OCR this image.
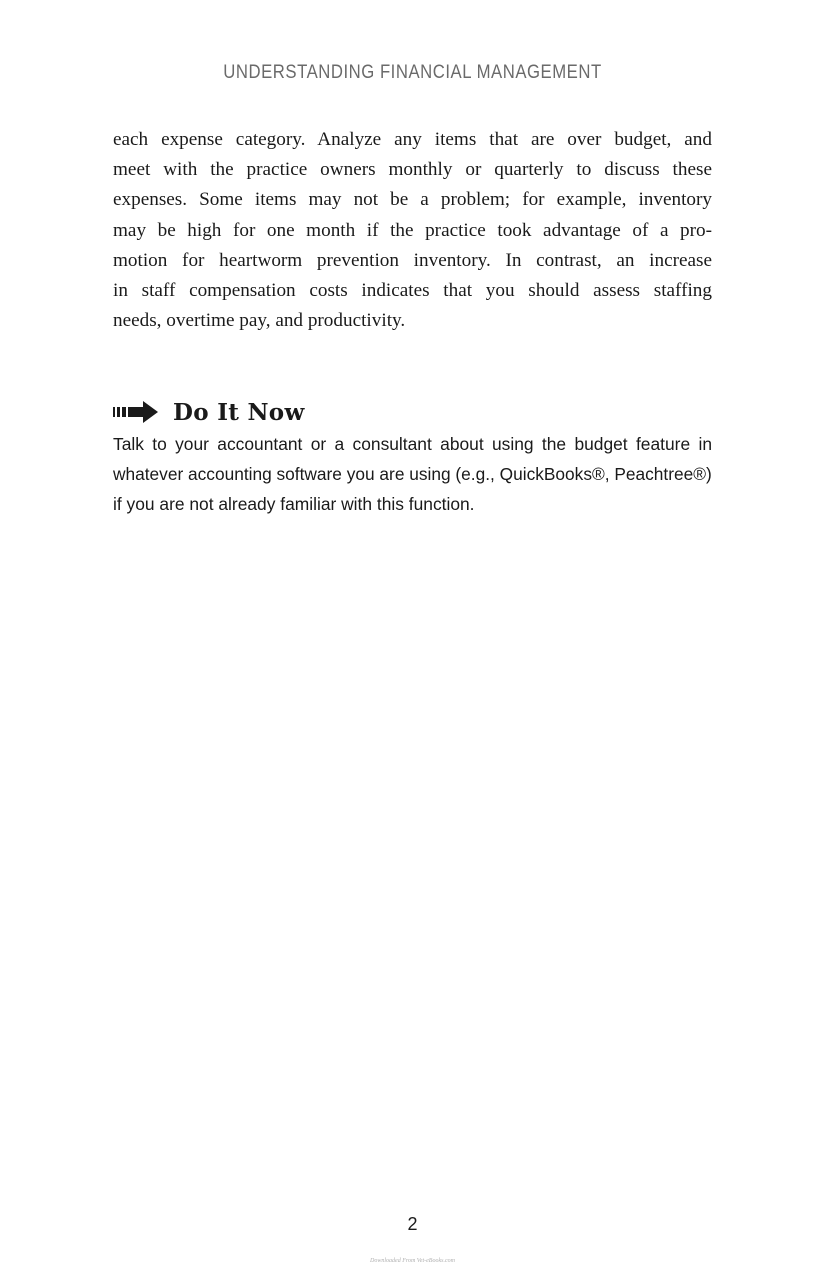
UNDERSTANDING FINANCIAL MANAGEMENT
each expense category. Analyze any items that are over budget, and
meet with the practice owners monthly or quarterly to discuss these
expenses. Some items may not be a problem; for example, inventory
may be high for one month if the practice took advantage of a pro-
motion for heartworm prevention inventory. In contrast, an increase
in staff compensation costs indicates that you should assess staffing
needs, overtime pay, and productivity.
Do It Now
Talk to your accountant or a consultant about using the budget feature in
whatever accounting software you are using (e.g., QuickBooks®, Peachtree®)
if you are not already familiar with this function.
2
Downloaded From Vet-eBooks.com
